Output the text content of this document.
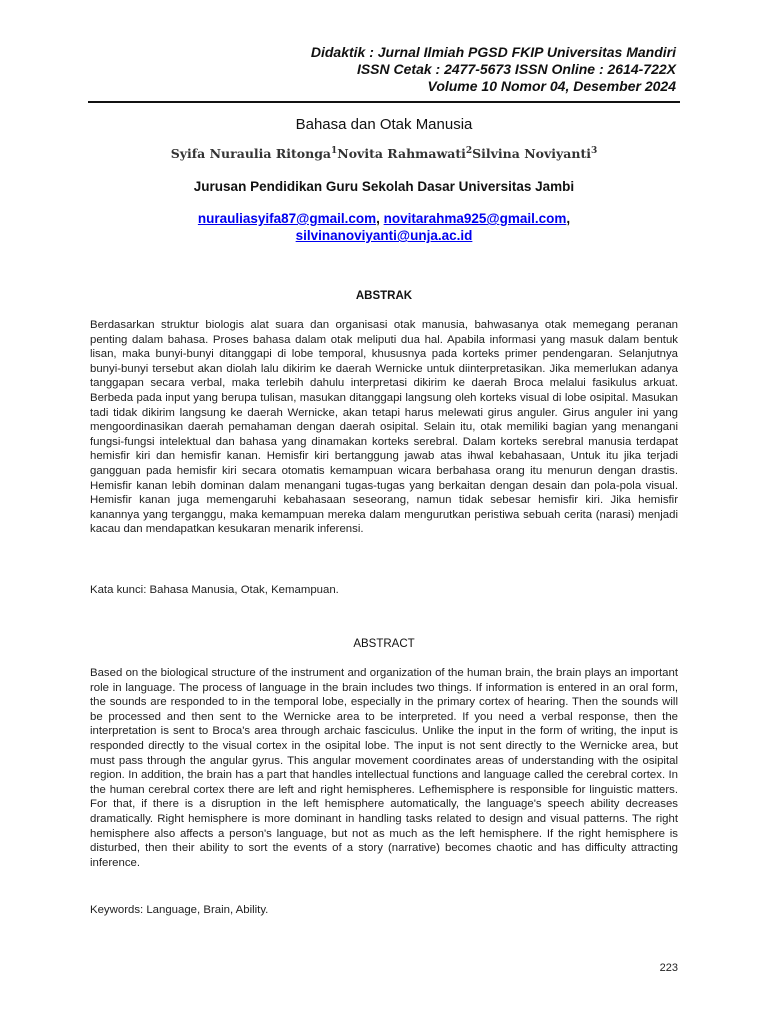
Didaktik : Jurnal Ilmiah PGSD FKIP Universitas Mandiri
ISSN Cetak : 2477-5673 ISSN Online : 2614-722X
Volume 10 Nomor 04, Desember 2024
Bahasa dan Otak Manusia
Syifa Nuraulia Ritonga$^1$Novita Rahmawati$^2$Silvina Noviyanti$^3$
Jurusan Pendidikan Guru Sekolah Dasar Universitas Jambi
nurauliasyifa87@gmail.com, novitarahma925@gmail.com,
silvinanoviyanti@unja.ac.id
ABSTRAK
Berdasarkan struktur biologis alat suara dan organisasi otak manusia, bahwasanya otak memegang peranan penting dalam bahasa. Proses bahasa dalam otak meliputi dua hal. Apabila informasi yang masuk dalam bentuk lisan, maka bunyi-bunyi ditanggapi di lobe temporal, khususnya pada korteks primer pendengaran. Selanjutnya bunyi-bunyi tersebut akan diolah lalu dikirim ke daerah Wernicke untuk diinterpretasikan. Jika memerlukan adanya tanggapan secara verbal, maka terlebih dahulu interpretasi dikirim ke daerah Broca melalui fasikulus arkuat. Berbeda pada input yang berupa tulisan, masukan ditanggapi langsung oleh korteks visual di lobe osipital. Masukan tadi tidak dikirim langsung ke daerah Wernicke, akan tetapi harus melewati girus anguler. Girus anguler ini yang mengoordinasikan daerah pemahaman dengan daerah osipital. Selain itu, otak memiliki bagian yang menangani fungsi-fungsi intelektual dan bahasa yang dinamakan korteks serebral. Dalam korteks serebral manusia terdapat hemisfir kiri dan hemisfir kanan. Hemisfir kiri bertanggung jawab atas ihwal kebahasaan, Untuk itu jika terjadi gangguan pada hemisfir kiri secara otomatis kemampuan wicara berbahasa orang itu menurun dengan drastis. Hemisfir kanan lebih dominan dalam menangani tugas-tugas yang berkaitan dengan desain dan pola-pola visual. Hemisfir kanan juga memengaruhi kebahasaan seseorang, namun tidak sebesar hemisfir kiri. Jika hemisfir kanannya yang terganggu, maka kemampuan mereka dalam mengurutkan peristiwa sebuah cerita (narasi) menjadi kacau dan mendapatkan kesukaran menarik inferensi.
Kata kunci: Bahasa Manusia, Otak, Kemampuan.
ABSTRACT
Based on the biological structure of the instrument and organization of the human brain, the brain plays an important role in language. The process of language in the brain includes two things. If information is entered in an oral form, the sounds are responded to in the temporal lobe, especially in the primary cortex of hearing. Then the sounds will be processed and then sent to the Wernicke area to be interpreted. If you need a verbal response, then the interpretation is sent to Broca's area through archaic fasciculus. Unlike the input in the form of writing, the input is responded directly to the visual cortex in the osipital lobe. The input is not sent directly to the Wernicke area, but must pass through the angular gyrus. This angular movement coordinates areas of understanding with the osipital region. In addition, the brain has a part that handles intellectual functions and language called the cerebral cortex. In the human cerebral cortex there are left and right hemispheres. Lefhemisphere is responsible for linguistic matters. For that, if there is a disruption in the left hemisphere automatically, the language's speech ability decreases dramatically. Right hemisphere is more dominant in handling tasks related to design and visual patterns. The right hemisphere also affects a person's language, but not as much as the left hemisphere. If the right hemisphere is disturbed, then their ability to sort the events of a story (narrative) becomes chaotic and has difficulty attracting inference.
Keywords: Language, Brain, Ability.
223
